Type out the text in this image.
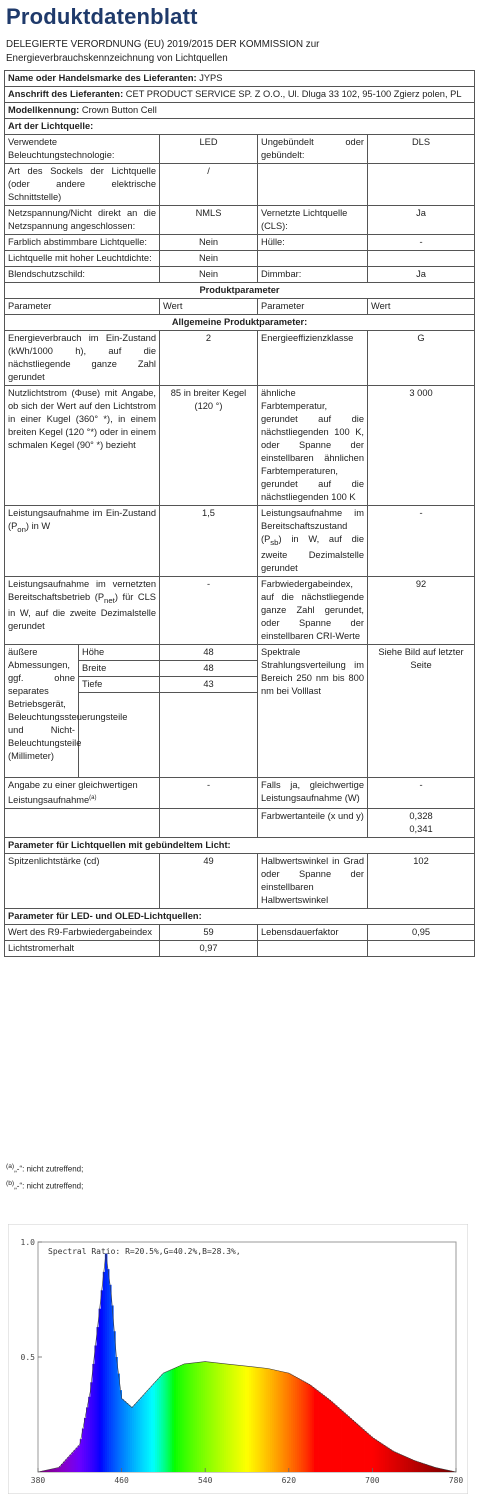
Produktdatenblatt
DELEGIERTE VERORDNUNG (EU) 2019/2015 DER KOMMISSION zur
Energieverbrauchskennzeichnung von Lichtquellen
Name oder Handelsmarke des Lieferanten: JYPS				
Anschrift des Lieferanten: CET PRODUCT SERVICE SP. Z O.O., Ul. Dluga 33 102, 95-100 Zgierz polen, PL				
Modellkennung: Crown Button Cell				
Art der Lichtquelle:				
Verwendete Beleuchtungstechnologie:		LED	Ungebündelt oder gebündelt:	DLS
Art des Sockels der Lichtquelle (oder andere elektrische Schnittstelle)		/		
Netzspannung/Nicht direkt an die Netzspannung angeschlossen:		NMLS	Vernetzte Lichtquelle (CLS):	Ja
Farblich abstimmbare Lichtquelle:		Nein	Hülle:	-
Lichtquelle mit hoher Leuchtdichte:		Nein		
Blendschutzschild:		Nein	Dimmbar:	Ja
Produktparameter				
Parameter		Wert	Parameter	Wert
Allgemeine Produktparameter:				
Energieverbrauch im Ein-Zustand (kWh/1000 h), auf die nächstliegende ganze Zahl gerundet		2	Energieeffizienzklasse	G
Nutzlichtstrom (Φuse) mit Angabe, ob sich der Wert auf den Lichtstrom in einer Kugel (360° *), in einem breiten Kegel (120 °*) oder in einem schmalen Kegel (90° *) bezieht		85 in breiter Kegel (120 °)	ähnliche Farbtemperatur, gerundet auf die nächstliegenden 100 K, oder Spanne der einstellbaren ähnlichen Farbtemperaturen, gerundet auf die nächstliegenden 100 K	3 000
Leistungsaufnahme im Ein-Zustand $(P_{on})$ in W		1,5	Leistungsaufnahme im Bereitschaftszustand $(P_{sb})$ in W, auf die zweite Dezimalstelle gerundet	-
Leistungsaufnahme im vernetzten Bereitschaftsbetrieb $(P_{net})$ für CLS in W, auf die zweite Dezimalstelle gerundet		-	Farbwiedergabeindex, auf die nächstliegende ganze Zahl gerundet, oder Spanne der einstellbaren CRI-Werte	92
äußere Abmessungen, ggf. ohne separates Betriebsgerät, Beleuchtungssteuerungsteile und Nicht-Beleuchtungsteile (Millimeter)	Höhe	48	Spektrale Strahlungsverteilung im Bereich 250 nm bis 800 nm bei Volllast	Siehe Bild auf letzter Seite
	Breite	48		
	Tiefe	43		

Angabe zu einer gleichwertigen Leistungsaufnahme$^{(a)}$		-	Falls ja, gleichwertige Leistungsaufnahme (W)	-
			Farbwertanteile (x und y)	0,328
0,341

Parameter für Lichtquellen mit gebündeltem Licht:				
Spitzenlichtstärke (cd)		49	Halbwertswinkel in Grad oder Spanne der einstellbaren Halbwertswinkel	102
Parameter für LED- und OLED-Lichtquellen:				
Wert des R9-Farbwiedergabeindex		59	Lebensdauerfaktor	0,95
Lichtstromerhalt		0,97		
$^{(a)}$„-“: nicht zutreffend;
$^{(b)}$„-“: nicht zutreffend;
0.5
1.0
380	460	540	620	700	780
Spectral Ratio: R=20.5%,G=40.2%,B=28.3%,
